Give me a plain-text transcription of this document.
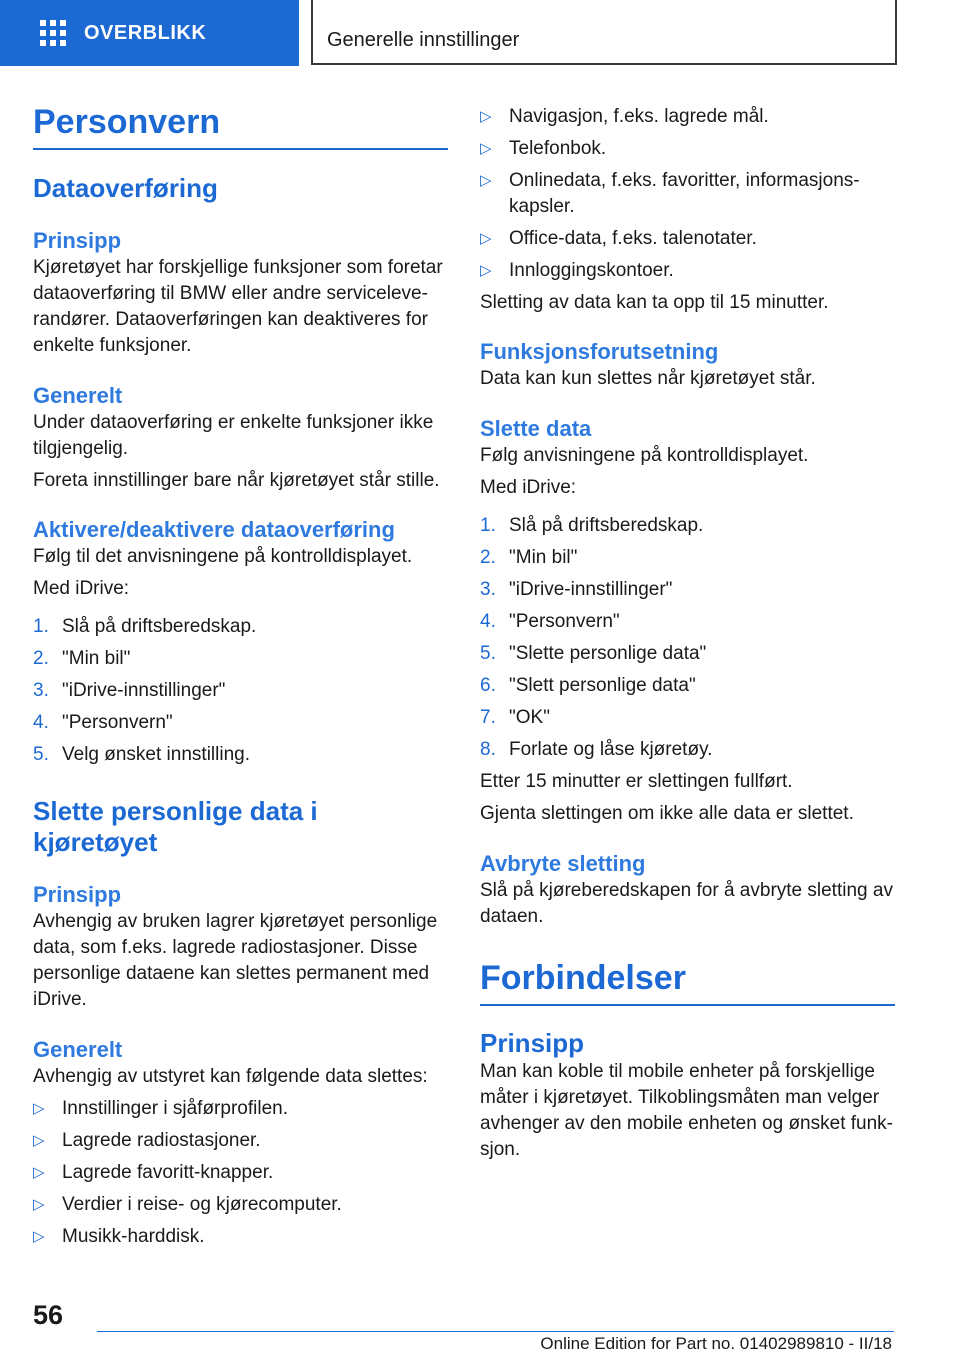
OVERBLIKK	Generelle innstillinger
Personvern
Dataoverføring
Prinsipp

Kjøretøyet har forskjellige funksjoner som foretar dataoverføring til BMW eller andre serviceleverandører. Dataoverføringen kan deaktiveres for enkelte funksjoner.

Generelt

Under dataoverføring er enkelte funksjoner ikke tilgjengelig.

Foreta innstillinger bare når kjøretøyet står stille.

Aktivere/deaktivere dataoverføring

Følg til det anvisningene på kontrolldisplayet.

Med iDrive:

1. Slå på driftsberedskap.
2. "Min bil"
3. "iDrive-innstillinger"
4. "Personvern"
5. Velg ønsket innstilling.
Slette personlige data i kjøretøyet
Prinsipp

Avhengig av bruken lagrer kjøretøyet personlige data, som f.eks. lagrede radiostasjoner. Disse personlige dataene kan slettes permanent med iDrive.

Generelt

Avhengig av utstyret kan følgende data slettes:

▷ Innstillinger i sjåførprofilen.
▷ Lagrede radiostasjoner.
▷ Lagrede favoritt-knapper.
▷ Verdier i reise- og kjørecomputer.
▷ Musikk-harddisk.
▷ Navigasjon, f.eks. lagrede mål.
▷ Telefonbok.
▷ Onlinedata, f.eks. favoritter, informasjonskapsler.
▷ Office-data, f.eks. talenotater.
▷ Innloggingskontoer.

Sletting av data kan ta opp til 15 minutter.

Funksjonsforutsetning

Data kan kun slettes når kjøretøyet står.

Slette data

Følg anvisningene på kontrolldisplayet.

Med iDrive:

1. Slå på driftsberedskap.
2. "Min bil"
3. "iDrive-innstillinger"
4. "Personvern"
5. "Slette personlige data"
6. "Slett personlige data"
7. "OK"
8. Forlate og låse kjøretøy.

Etter 15 minutter er slettingen fullført.

Gjenta slettingen om ikke alle data er slettet.

Avbryte sletting

Slå på kjøreberedskapen for å avbryte sletting av dataen.

Forbindelser
Prinsipp

Man kan koble til mobile enheter på forskjellige måter i kjøretøyet. Tilkoblingsmåten man velger avhenger av den mobile enheten og ønsket funksjon.

56
Online Edition for Part no. 01402989810 - II/18
